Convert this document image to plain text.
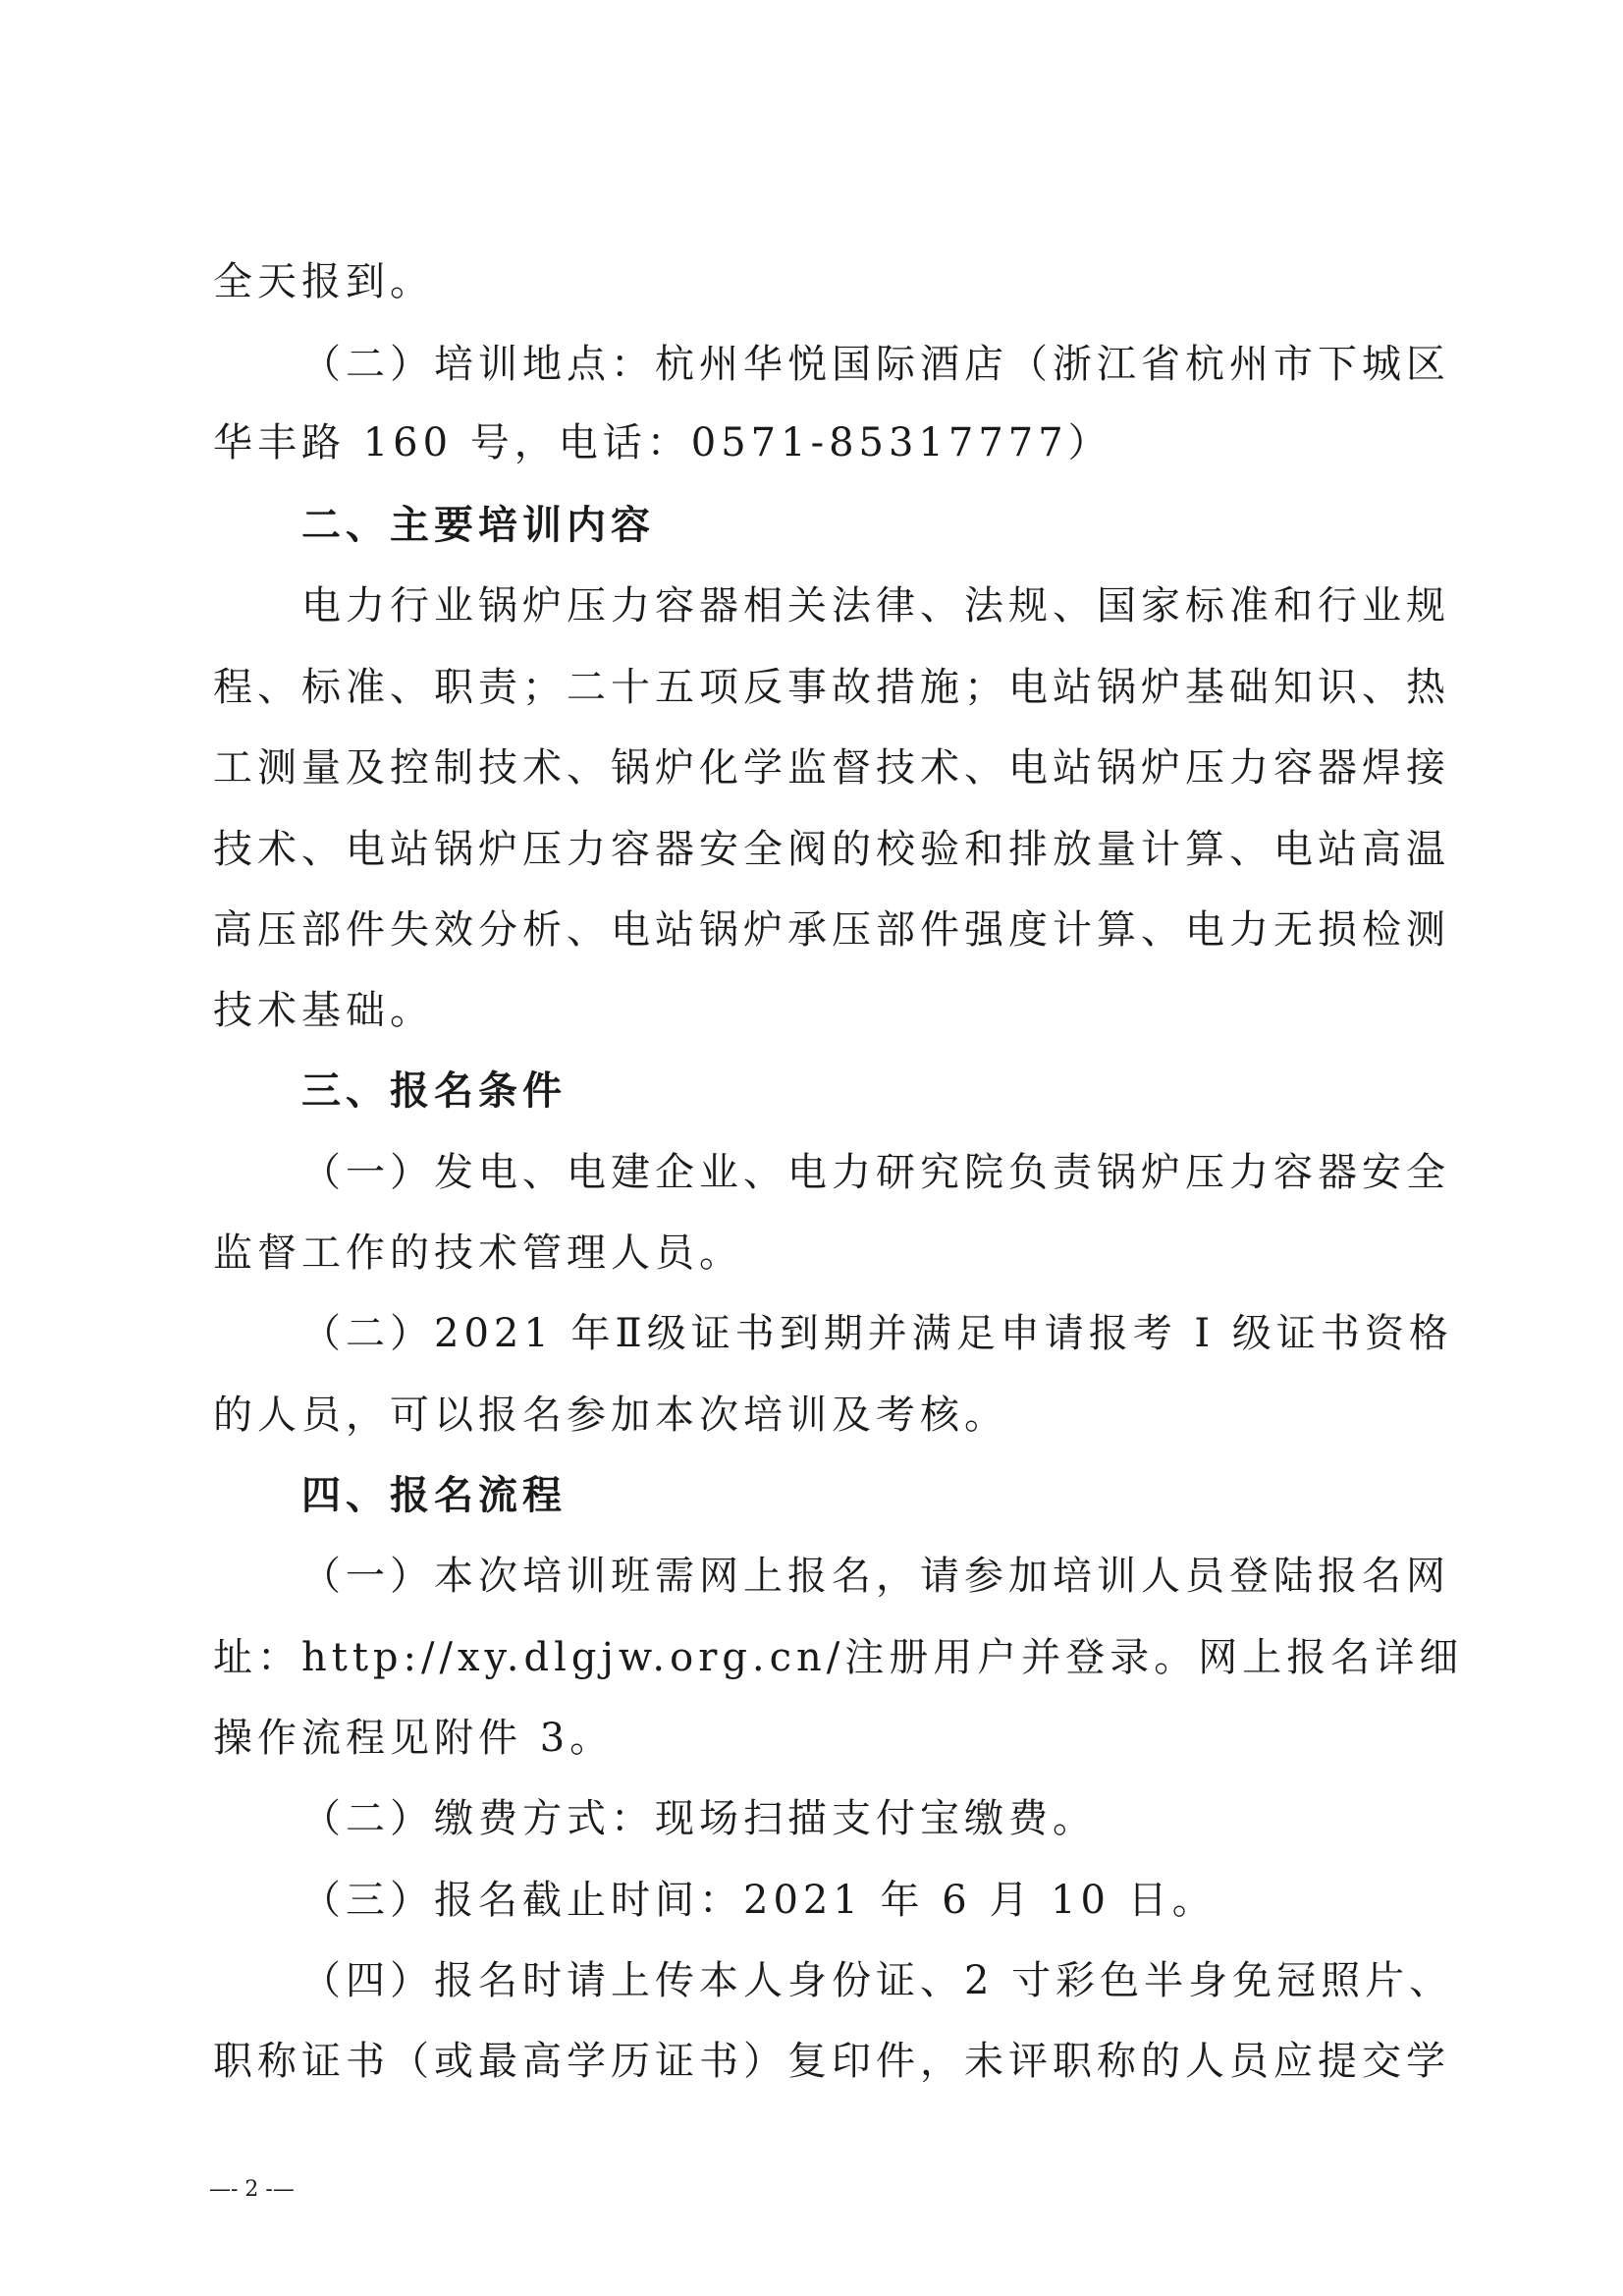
全天报到。
（二）培训地点：杭州华悦国际酒店（浙江省杭州市下城区
华丰路 160 号，电话：0571-85317777）
二、主要培训内容
电力行业锅炉压力容器相关法律、法规、国家标准和行业规
程、标准、职责；二十五项反事故措施；电站锅炉基础知识、热
工测量及控制技术、锅炉化学监督技术、电站锅炉压力容器焊接
技术、电站锅炉压力容器安全阀的校验和排放量计算、电站高温
高压部件失效分析、电站锅炉承压部件强度计算、电力无损检测
技术基础。
三、报名条件
（一）发电、电建企业、电力研究院负责锅炉压力容器安全
监督工作的技术管理人员。
（二）2021 年Ⅱ级证书到期并满足申请报考 Ⅰ 级证书资格
的人员，可以报名参加本次培训及考核。
四、报名流程
（一）本次培训班需网上报名，请参加培训人员登陆报名网
址：http://xy.dlgjw.org.cn/注册用户并登录。网上报名详细
操作流程见附件 3。
（二）缴费方式：现场扫描支付宝缴费。
（三）报名截止时间：2021 年 6 月 10 日。
（四）报名时请上传本人身份证、2 寸彩色半身免冠照片、
职称证书（或最高学历证书）复印件，未评职称的人员应提交学
—- 2 -—
